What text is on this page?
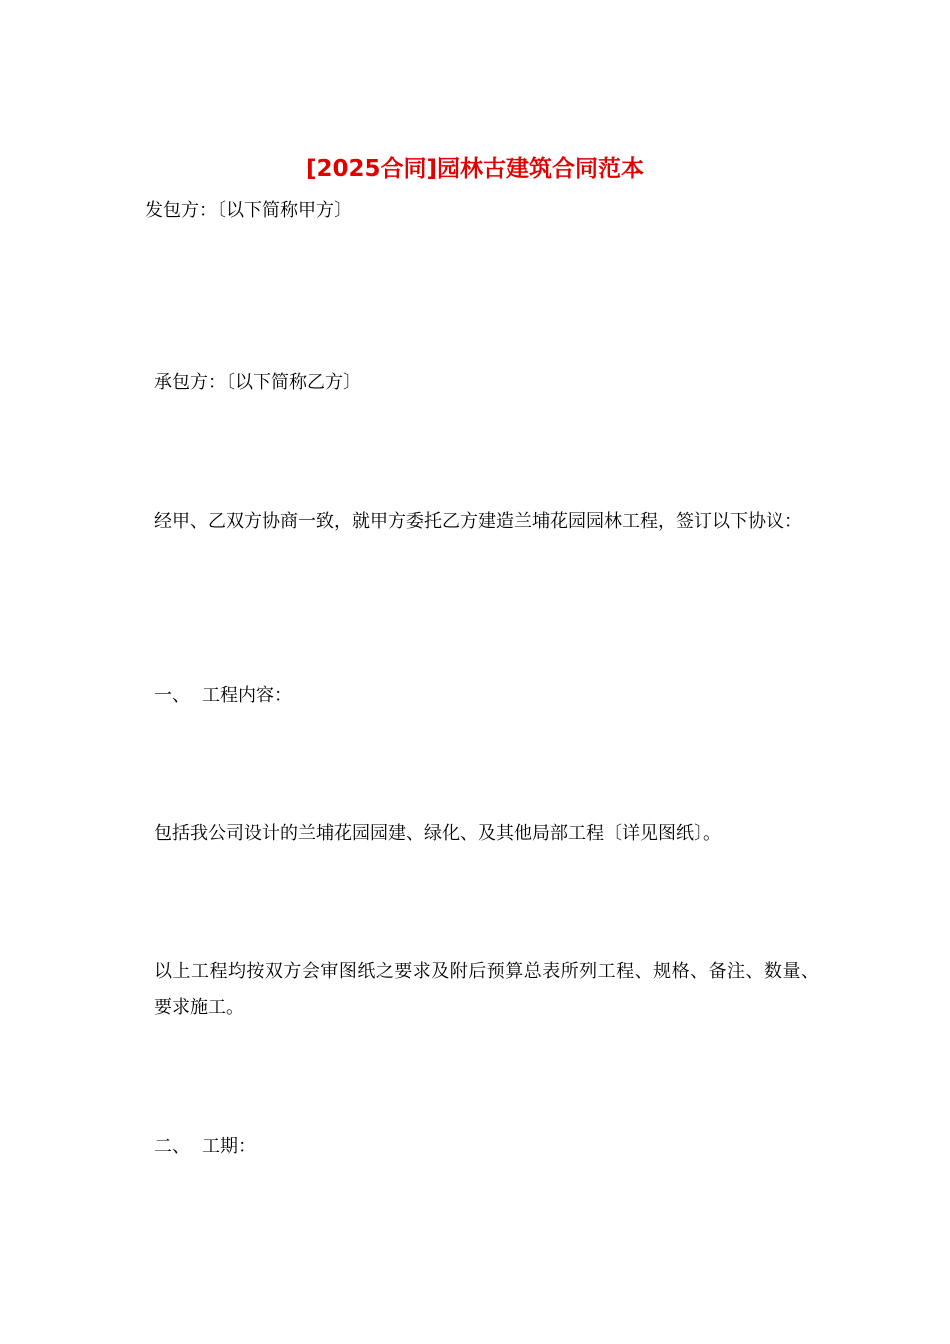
[2025合同]园林古建筑合同范本

发包方：〔以下简称甲方〕

承包方：〔以下简称乙方〕

经甲、乙双方协商一致，就甲方委托乙方建造兰埔花园园林工程，签订以下协议：

一、 工程内容：

包括我公司设计的兰埔花园园建、绿化、及其他局部工程〔详见图纸〕。

以上工程均按双方会审图纸之要求及附后预算总表所列工程、规格、备注、数量、要求施工。

二、 工期：
